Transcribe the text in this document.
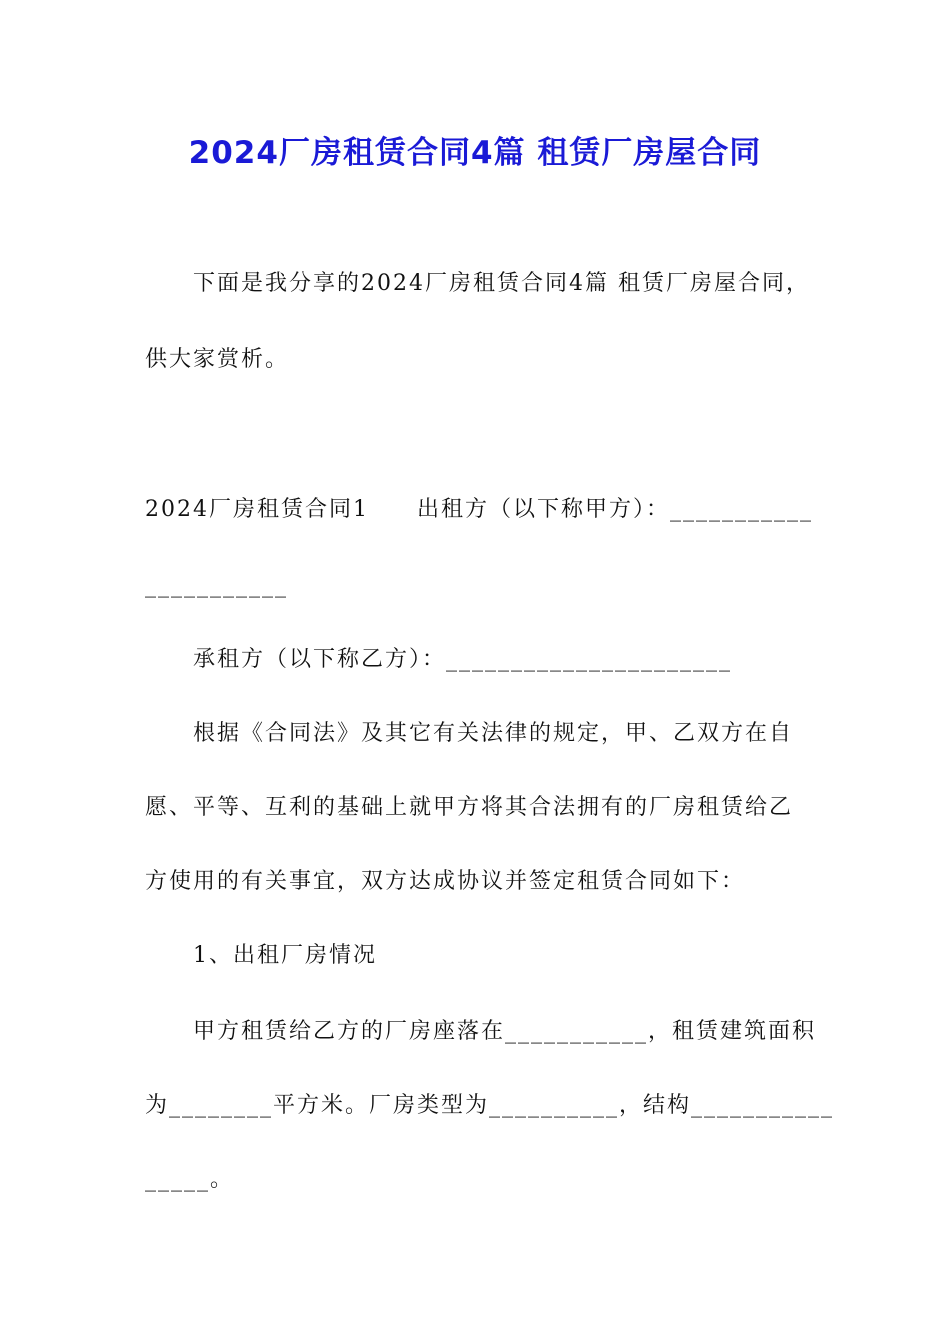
2024厂房租赁合同4篇 租赁厂房屋合同
下面是我分享的2024厂房租赁合同4篇 租赁厂房屋合同，
供大家赏析。
2024厂房租赁合同1　　出租方（以下称甲方）：___________
___________
承租方（以下称乙方）：______________________
根据《合同法》及其它有关法律的规定，甲、乙双方在自
愿、平等、互利的基础上就甲方将其合法拥有的厂房租赁给乙
方使用的有关事宜，双方达成协议并签定租赁合同如下：
1、出租厂房情况
甲方租赁给乙方的厂房座落在___________，租赁建筑面积
为________平方米。厂房类型为__________，结构___________
_____。
